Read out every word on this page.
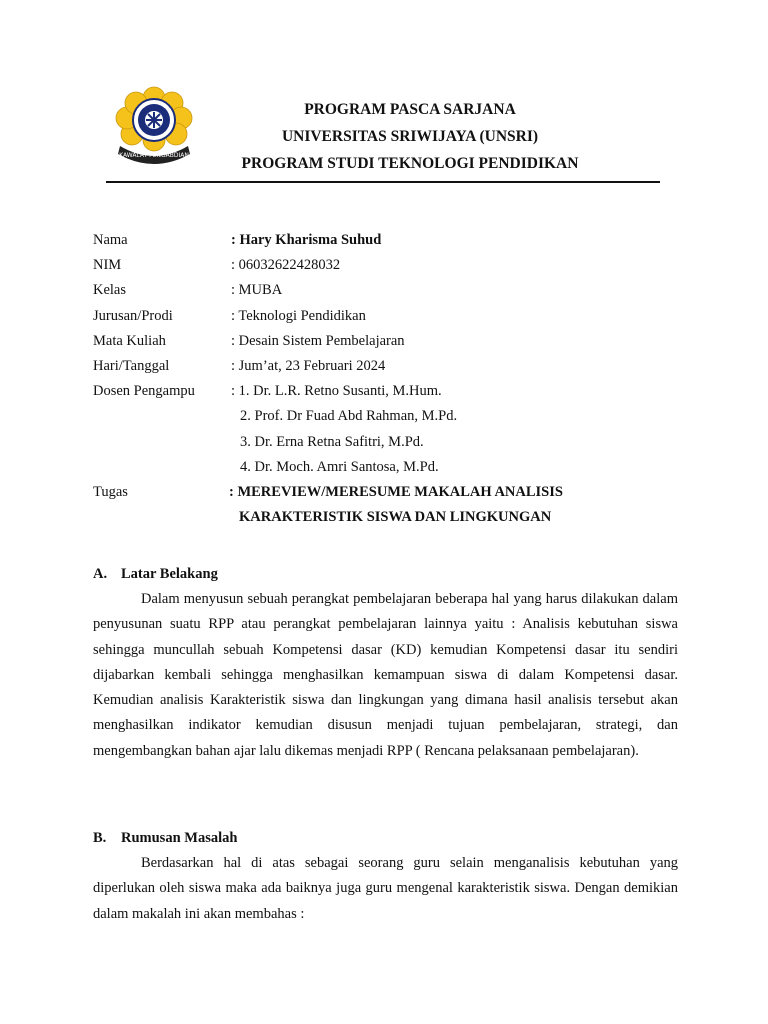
KAWALAT PENGABDIAN
PROGRAM PASCA SARJANA
UNIVERSITAS SRIWIJAYA (UNSRI)
PROGRAM STUDI TEKNOLOGI PENDIDIKAN
Nama	: Hary Kharisma Suhud
NIM	: 06032622428032
Kelas	: MUBA
Jurusan/Prodi	: Teknologi Pendidikan
Mata Kuliah	: Desain Sistem Pembelajaran
Hari/Tanggal	: Jum’at, 23 Februari 2024
Dosen Pengampu : 1. Dr. L.R. Retno Susanti, M.Hum.
2. Prof. Dr Fuad Abd Rahman, M.Pd.
3. Dr. Erna Retna Safitri, M.Pd.
4. Dr. Moch. Amri Santosa, M.Pd.
Tugas	: MEREVIEW/MERESUME MAKALAH ANALISIS
KARAKTERISTIK SISWA DAN LINGKUNGAN
A. Latar Belakang
Dalam menyusun sebuah perangkat pembelajaran beberapa hal yang harus dilakukan dalam penyusunan suatu RPP atau perangkat pembelajaran lainnya yaitu : Analisis kebutuhan siswa sehingga muncullah sebuah Kompetensi dasar (KD) kemudian Kompetensi dasar itu sendiri dijabarkan kembali sehingga menghasilkan kemampuan siswa di dalam Kompetensi dasar. Kemudian analisis Karakteristik siswa dan lingkungan yang dimana hasil analisis tersebut akan menghasilkan indikator kemudian disusun menjadi tujuan pembelajaran, strategi, dan mengembangkan bahan ajar lalu dikemas menjadi RPP ( Rencana pelaksanaan pembelajaran).
B. Rumusan Masalah
Berdasarkan hal di atas sebagai seorang guru selain menganalisis kebutuhan yang diperlukan oleh siswa maka ada baiknya juga guru mengenal karakteristik siswa. Dengan demikian dalam makalah ini akan membahas :
